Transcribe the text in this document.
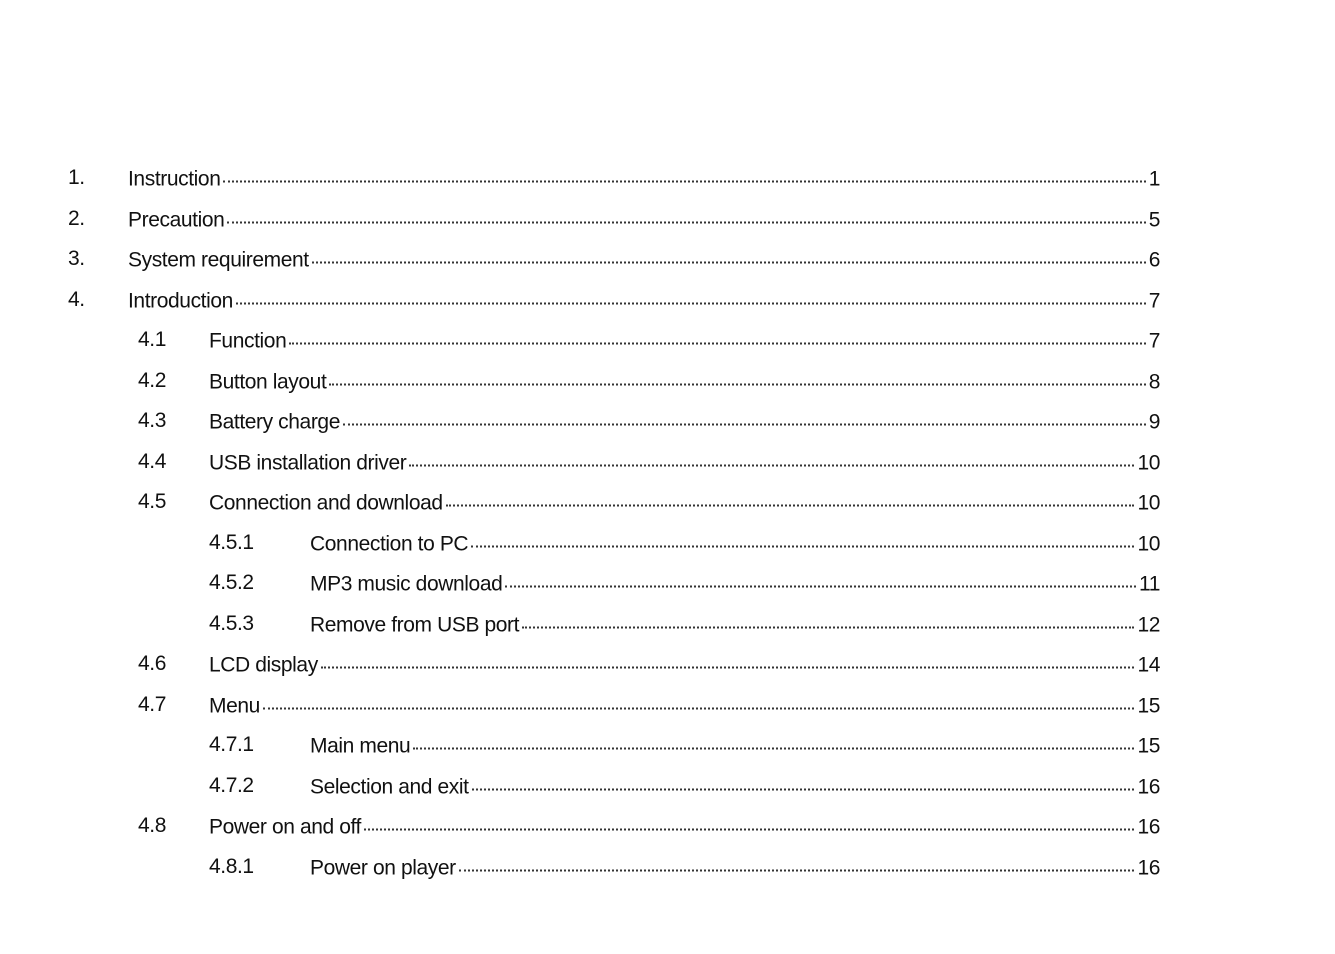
1. Instruction	1
2. Precaution	5
3. System requirement	6
4. Introduction	7
4.1 Function	7
4.2 Button layout	8
4.3 Battery charge	9
4.4 USB installation driver	10
4.5 Connection and download	10
4.5.1	Connection to PC	10
4.5.2	MP3 music download	11
4.5.3	Remove from USB port	12
4.6 LCD display	14
4.7 Menu	15
4.7.1	Main menu	15
4.7.2	Selection and exit	16
4.8 Power on and off	16
4.8.1	Power on player	16
